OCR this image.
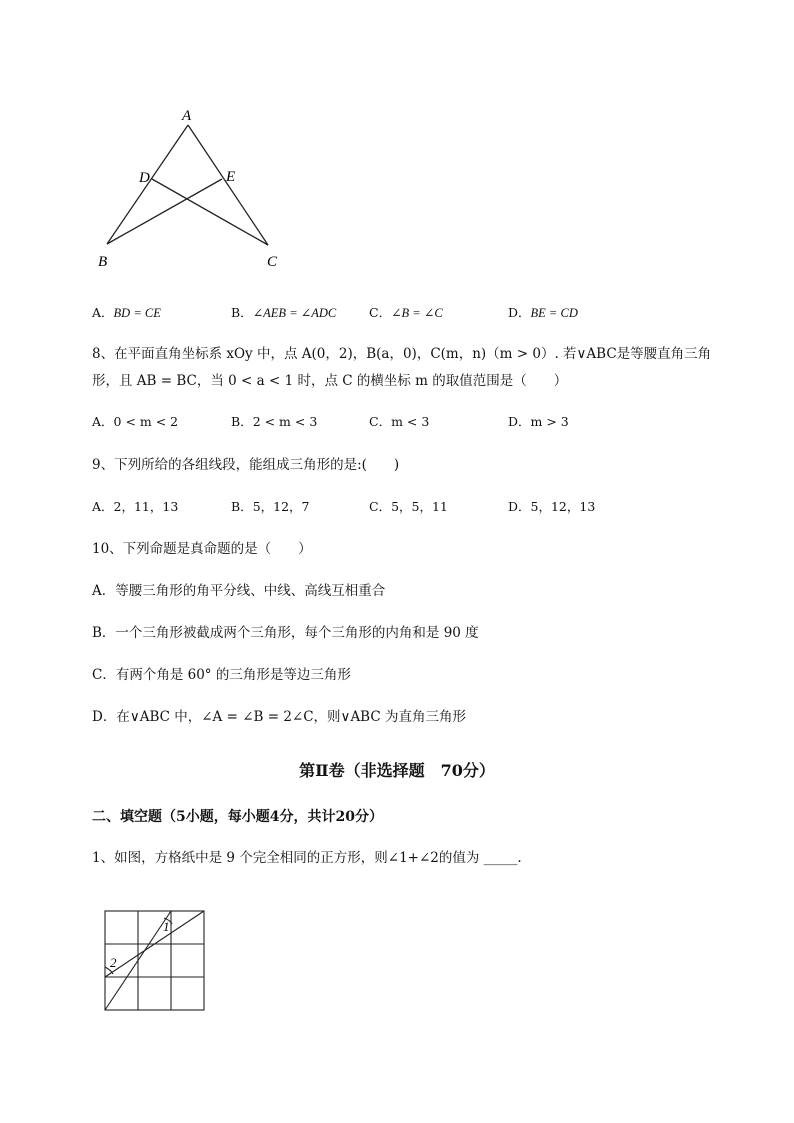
A
D	E
B	C
A．BD = CE	B．∠AEB = ∠ADC	C．∠B = ∠C	D．BE = CD
8、在平面直角坐标系 xOy 中，点 A(0，2)，B(a，0)，C(m，n)（m > 0）. 若∨ABC是等腰直角三角
形，且 AB = BC，当 0 < a < 1 时，点 C 的横坐标 m 的取值范围是（　　）
A．0 < m < 2	B．2 < m < 3	C．m < 3	D．m > 3
9、下列所给的各组线段，能组成三角形的是:(　　)
A．2，11，13	B．5，12，7	C．5，5，11	D．5，12，13
10、下列命题是真命题的是（　　）
A．等腰三角形的角平分线、中线、高线互相重合
B．一个三角形被截成两个三角形，每个三角形的内角和是 90 度
C．有两个角是 60° 的三角形是等边三角形
D．在∨ABC 中，∠A = ∠B = 2∠C，则∨ABC 为直角三角形
第Ⅱ卷（非选择题　70分）
二、填空题（5小题，每小题4分，共计20分）
1、如图，方格纸中是 9 个完全相同的正方形，则∠1+∠2的值为 _____.
1
2
